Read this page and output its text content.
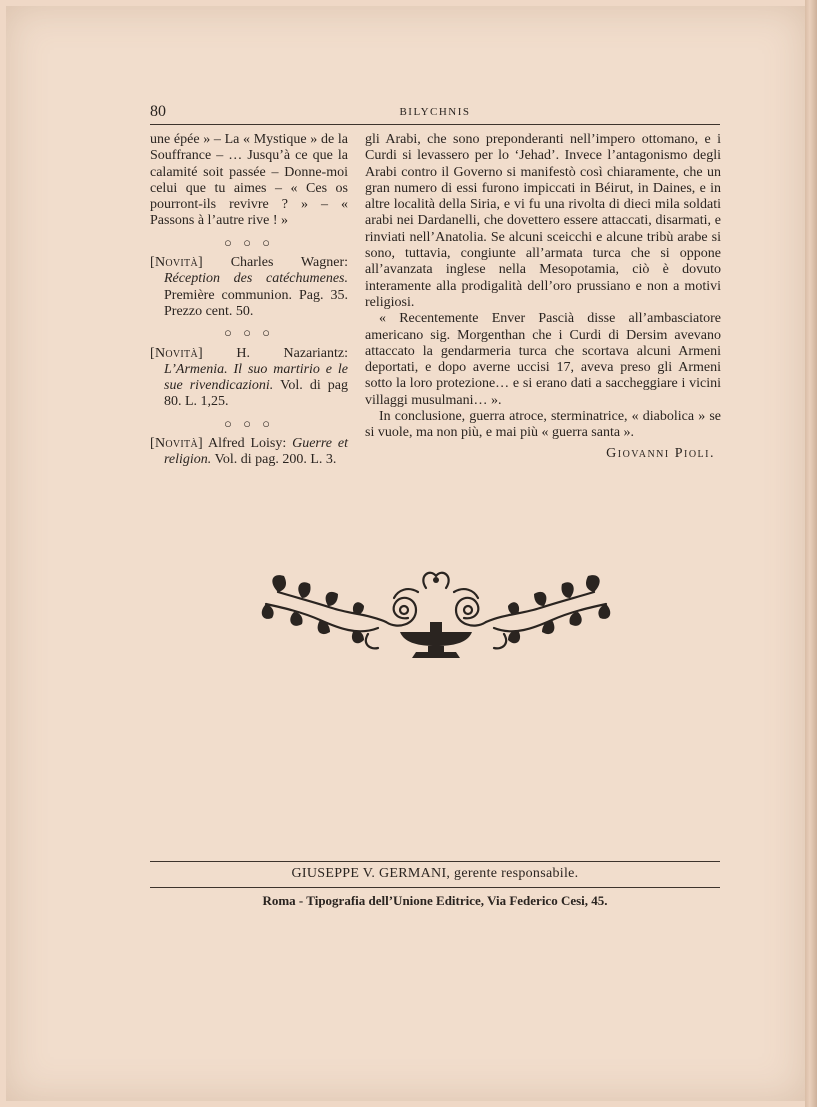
80	BILYCHNIS

une épée » – La « Mystique » de la Souffrance – … Jusqu’à ce que la calamité soit passée – Donne-moi celui que tu aimes – « Ces os pourront-ils revivre ? » – « Passons à l’autre rive ! »

○ ○ ○

[Novità] Charles Wagner: Réception des catéchumenes. Première communion. Pag. 35. Prezzo cent. 50.

○ ○ ○

[Novità] H. Nazariantz: L’Armenia. Il suo martirio e le sue rivendicazioni. Vol. di pag 80. L. 1,25.

○ ○ ○

[Novità] Alfred Loisy: Guerre et religion. Vol. di pag. 200. L. 3.

gli Arabi, che sono preponderanti nell’impero ottomano, e i Curdi si levassero per lo ‘Jehad’. Invece l’antagonismo degli Arabi contro il Governo si manifestò così chiaramente, che un gran numero di essi furono impiccati in Béirut, in Daines, e in altre località della Siria, e vi fu una rivolta di dieci mila soldati arabi nei Dardanelli, che dovettero essere attaccati, disarmati, e rinviati nell’Anatolia. Se alcuni sceicchi e alcune tribù arabe si sono, tuttavia, congiunte all’armata turca che si oppone all’avanzata inglese nella Mesopotamia, ciò è dovuto interamente alla prodigalità dell’oro prussiano e non a motivi religiosi.

« Recentemente Enver Pascià disse all’ambasciatore americano sig. Morgenthan che i Curdi di Dersim avevano attaccato la gendarmeria turca che scortava alcuni Armeni deportati, e dopo averne uccisi 17, aveva preso gli Armeni sotto la loro protezione… e si erano dati a saccheggiare i vicini villaggi musulmani… ».

In conclusione, guerra atroce, sterminatrice, « diabolica » se si vuole, ma non più, e mai più « guerra santa ».

Giovanni Pioli.

GIUSEPPE V. GERMANI, gerente responsabile.
Roma - Tipografia dell’Unione Editrice, Via Federico Cesi, 45.
